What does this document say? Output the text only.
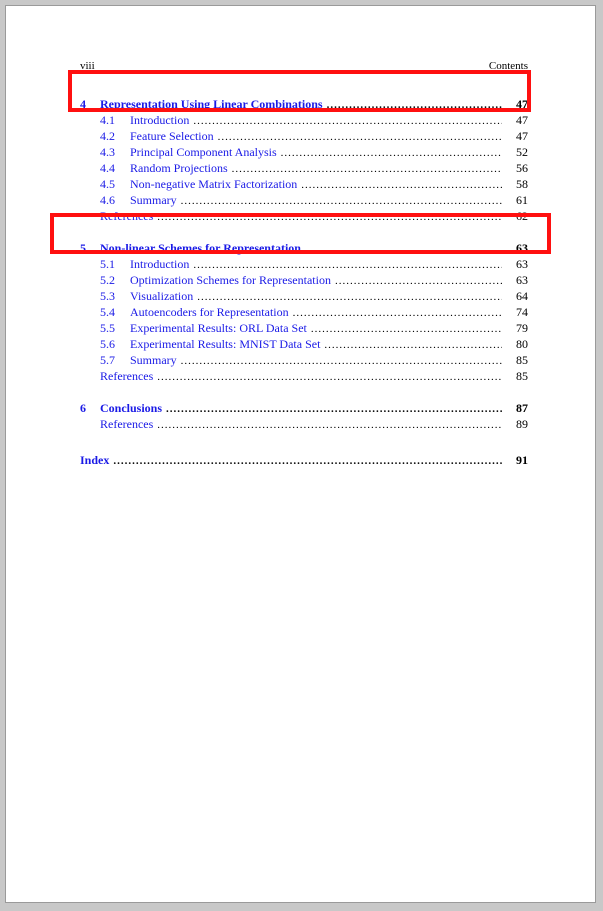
viii	Contents
4	Representation Using Linear Combinations .....	47
4.1	Introduction .....	47
4.2	Feature Selection .....	47
4.3	Principal Component Analysis .....	52
4.4	Random Projections .....	56
4.5	Non-negative Matrix Factorization .....	58
4.6	Summary .....	61
References .....	62
5	Non-linear Schemes for Representation .....	63
5.1	Introduction .....	63
5.2	Optimization Schemes for Representation .....	63
5.3	Visualization .....	64
5.4	Autoencoders for Representation .....	74
5.5	Experimental Results: ORL Data Set .....	79
5.6	Experimental Results: MNIST Data Set .....	80
5.7	Summary .....	85
References .....	85
6	Conclusions .....	87
References .....	89
Index .....	91
